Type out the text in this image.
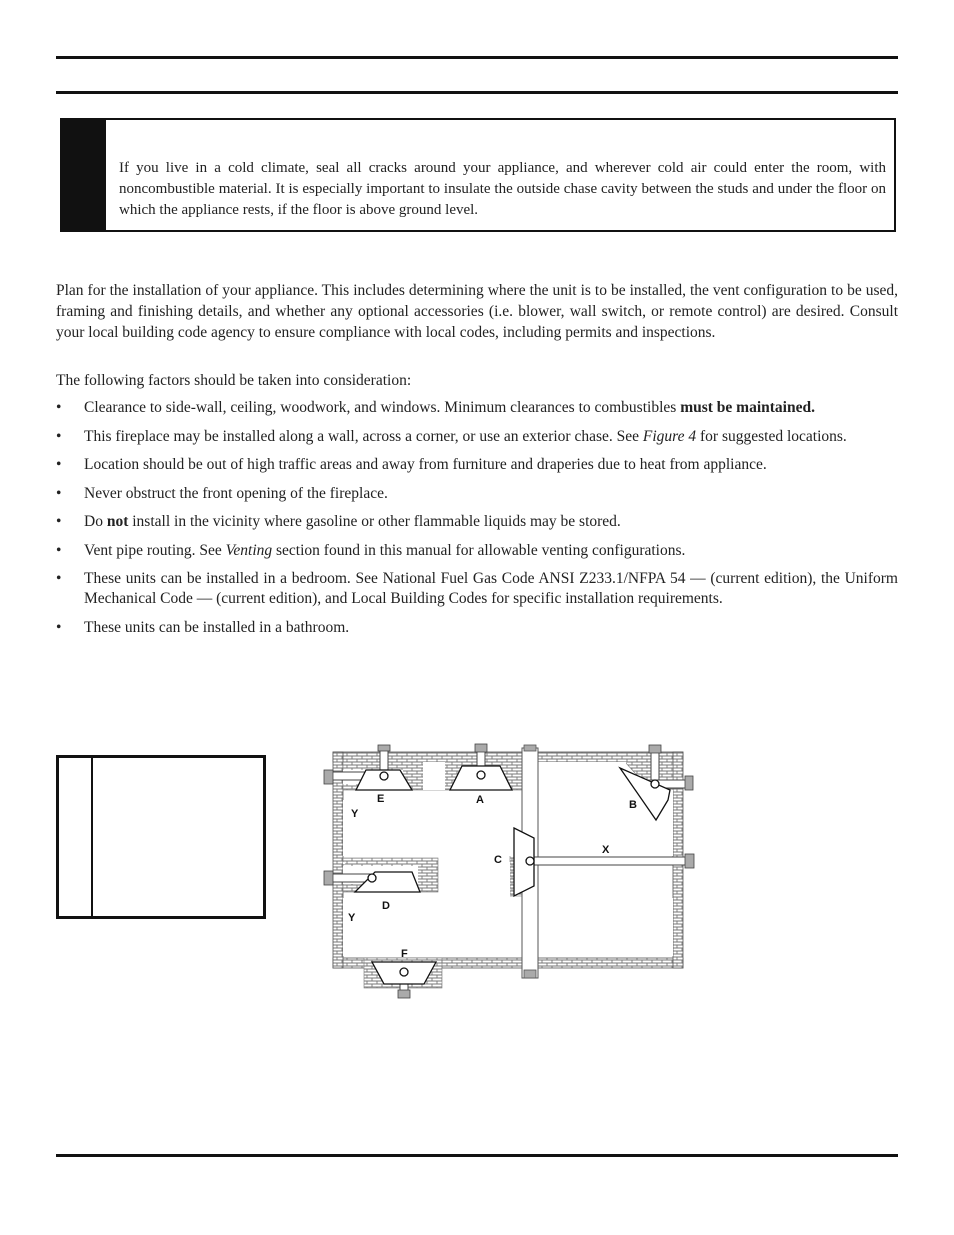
If you live in a cold climate, seal all cracks around your appliance, and wherever cold air could enter the room, with noncombustible material. It is especially important to insulate the outside chase cavity between the studs and under the floor on which the appliance rests, if the floor is above ground level.

Plan for the installation of your appliance. This includes determining where the unit is to be installed, the vent configuration to be used, framing and finishing details, and whether any optional accessories (i.e. blower, wall switch, or remote control) are desired. Consult your local building code agency to ensure compliance with local codes, including permits and inspections.

The following factors should be taken into consideration:

• Clearance to side-wall, ceiling, woodwork, and windows. Minimum clearances to combustibles must be maintained.
• This fireplace may be installed along a wall, across a corner, or use an exterior chase. See Figure 4 for suggested locations.
• Location should be out of high traffic areas and away from furniture and draperies due to heat from appliance.
• Never obstruct the front opening of the fireplace.
• Do not install in the vicinity where gasoline or other flammable liquids may be stored.
• Vent pipe routing. See Venting section found in this manual for allowable venting configurations.
• These units can be installed in a bedroom. See National Fuel Gas Code ANSI Z233.1/NFPA 54 — (current edition), the Uniform Mechanical Code — (current edition), and Local Building Codes for specific installation requirements.
• These units can be installed in a bathroom.
E	A	B
Y
C
X
D
Y
F
